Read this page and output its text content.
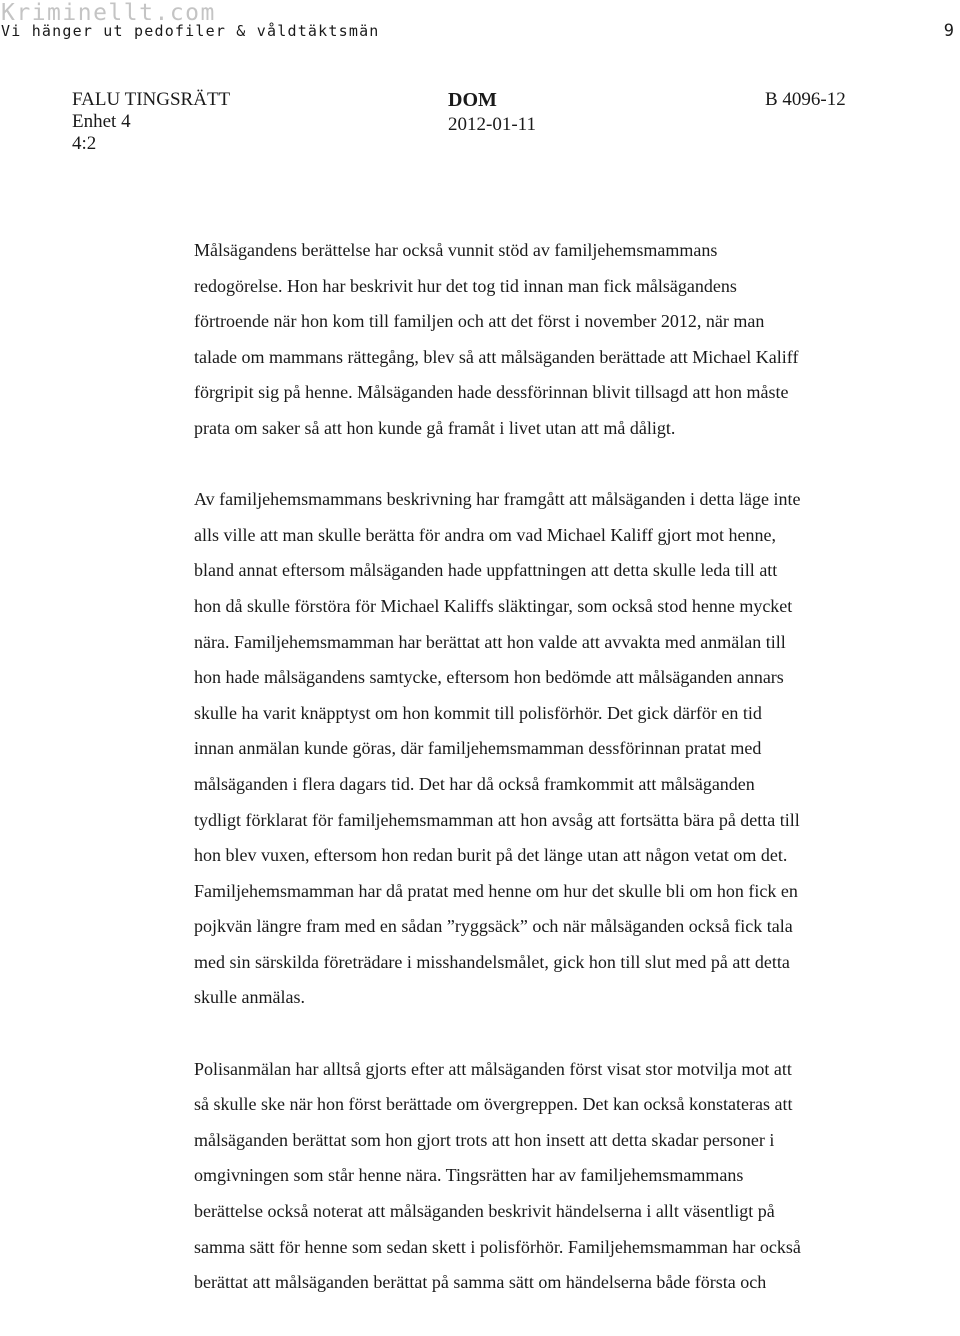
Kriminellt.com
Vi hänger ut pedofiler & våldtäktsmän	9
FALU TINGSRÄTT
Enhet 4
4:2
DOM
2012-01-11
B 4096-12
Målsägandens berättelse har också vunnit stöd av familjehemsmammans
redogörelse. Hon har beskrivit hur det tog tid innan man fick målsägandens
förtroende när hon kom till familjen och att det först i november 2012, när man
talade om mammans rättegång, blev så att målsäganden berättade att Michael Kaliff
förgripit sig på henne. Målsäganden hade dessförinnan blivit tillsagd att hon måste
prata om saker så att hon kunde gå framåt i livet utan att må dåligt.
Av familjehemsmammans beskrivning har framgått att målsäganden i detta läge inte
alls ville att man skulle berätta för andra om vad Michael Kaliff gjort mot henne,
bland annat eftersom målsäganden hade uppfattningen att detta skulle leda till att
hon då skulle förstöra för Michael Kaliffs släktingar, som också stod henne mycket
nära. Familjehemsmamman har berättat att hon valde att avvakta med anmälan till
hon hade målsägandens samtycke, eftersom hon bedömde att målsäganden annars
skulle ha varit knäpptyst om hon kommit till polisförhör. Det gick därför en tid
innan anmälan kunde göras, där familjehemsmamman dessförinnan pratat med
målsäganden i flera dagars tid. Det har då också framkommit att målsäganden
tydligt förklarat för familjehemsmamman att hon avsåg att fortsätta bära på detta till
hon blev vuxen, eftersom hon redan burit på det länge utan att någon vetat om det.
Familjehemsmamman har då pratat med henne om hur det skulle bli om hon fick en
pojkvän längre fram med en sådan ”ryggsäck” och när målsäganden också fick tala
med sin särskilda företrädare i misshandelsmålet, gick hon till slut med på att detta
skulle anmälas.
Polisanmälan har alltså gjorts efter att målsäganden först visat stor motvilja mot att
så skulle ske när hon först berättade om övergreppen. Det kan också konstateras att
målsäganden berättat som hon gjort trots att hon insett att detta skadar personer i
omgivningen som står henne nära. Tingsrätten har av familjehemsmammans
berättelse också noterat att målsäganden beskrivit händelserna i allt väsentligt på
samma sätt för henne som sedan skett i polisförhör. Familjehemsmamman har också
berättat att målsäganden berättat på samma sätt om händelserna både första och
